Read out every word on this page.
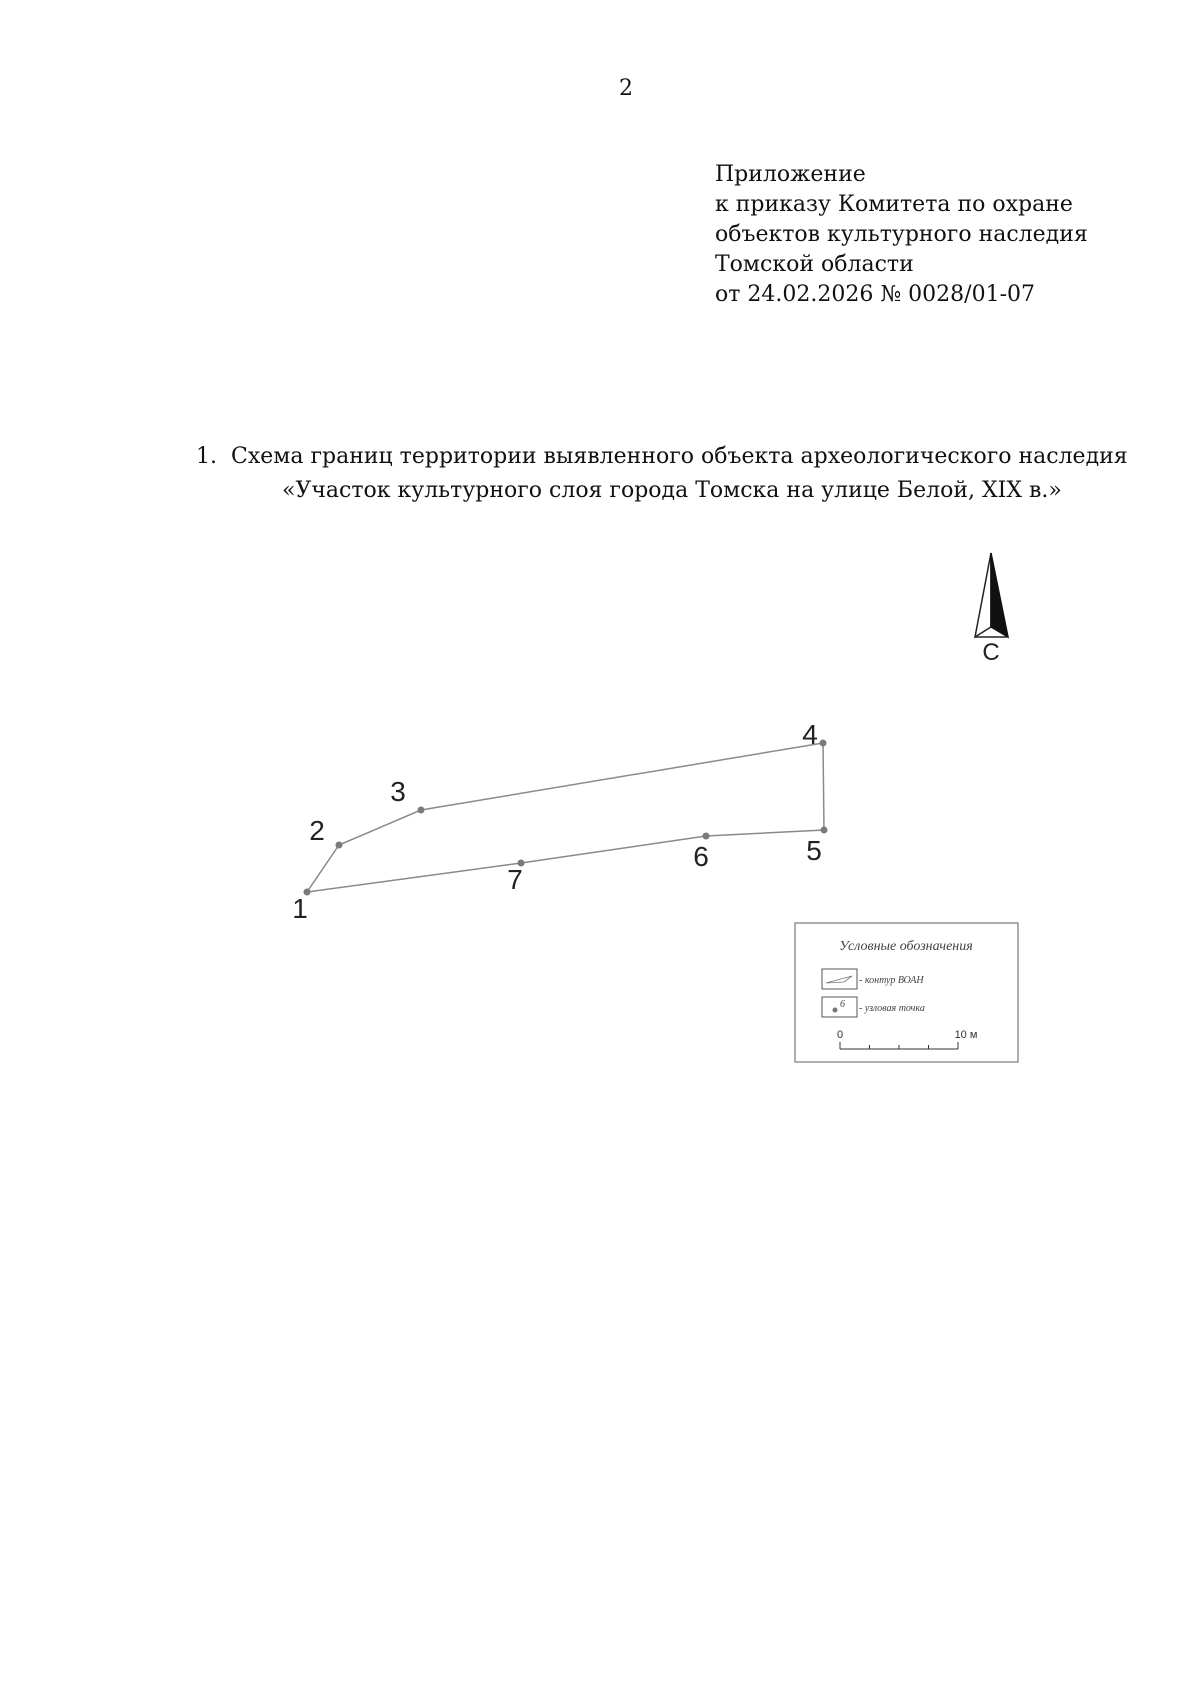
2
Приложение
к приказу Комитета по охране
объектов культурного наследия
Томской области
от 24.02.2026 № 0028/01-07
1. Схема границ территории выявленного объекта археологического наследия
«Участок культурного слоя города Томска на улице Белой, XIX в.»
С
1
2
3
4
5
6
7
Условные обозначения
- контур ВОАН
6 - узловая точка
0	10 м
